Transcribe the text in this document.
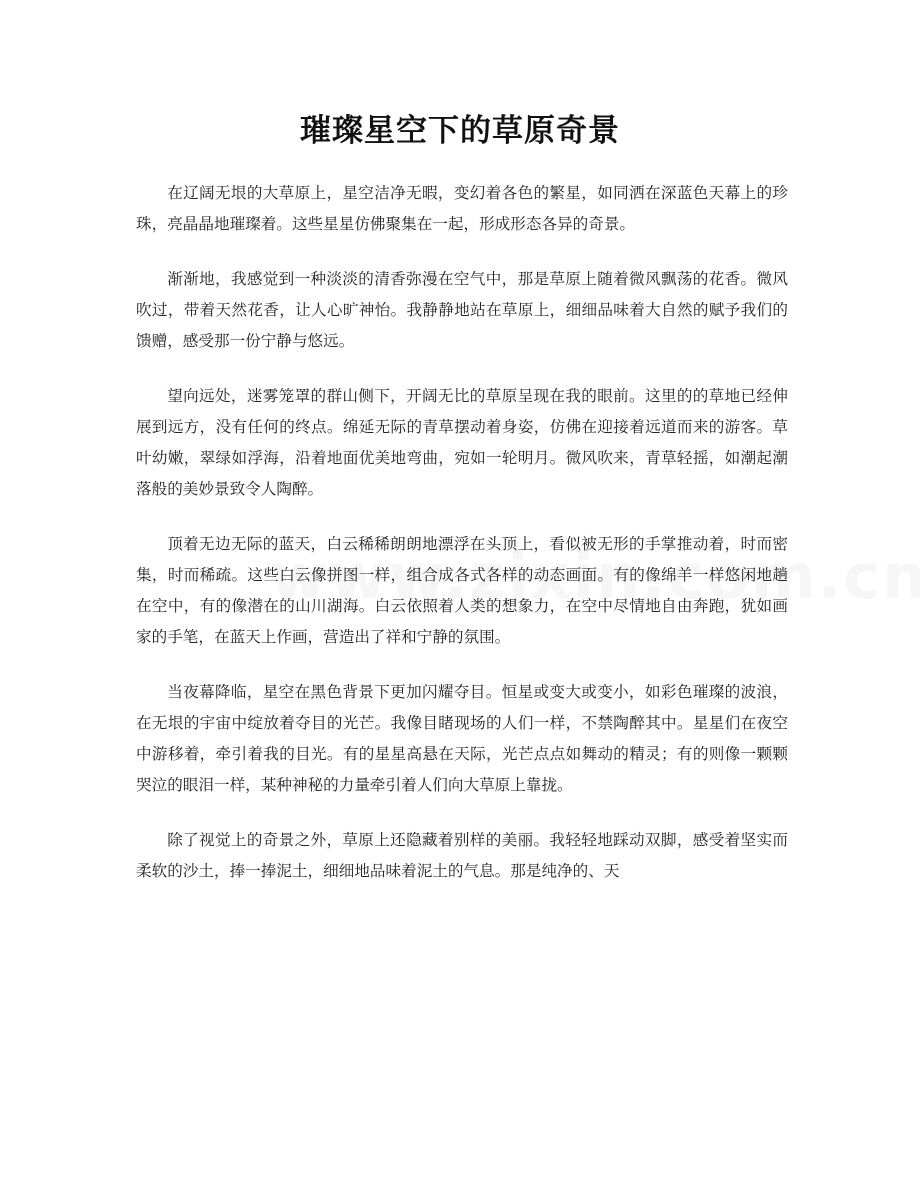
璀璨星空下的草原奇景

在辽阔无垠的大草原上，星空洁净无暇，变幻着各色的繁星，如同洒在深蓝色天幕上的珍珠，亮晶晶地璀璨着。这些星星仿佛聚集在一起，形成形态各异的奇景。

渐渐地，我感觉到一种淡淡的清香弥漫在空气中，那是草原上随着微风飘荡的花香。微风吹过，带着天然花香，让人心旷神怡。我静静地站在草原上，细细品味着大自然的赋予我们的馈赠，感受那一份宁静与悠远。

望向远处，迷雾笼罩的群山侧下，开阔无比的草原呈现在我的眼前。这里的的草地已经伸展到远方，没有任何的终点。绵延无际的青草摆动着身姿，仿佛在迎接着远道而来的游客。草叶幼嫩，翠绿如浮海，沿着地面优美地弯曲，宛如一轮明月。微风吹来，青草轻摇，如潮起潮落般的美妙景致令人陶醉。

顶着无边无际的蓝天，白云稀稀朗朗地漂浮在头顶上，看似被无形的手掌推动着，时而密集，时而稀疏。这些白云像拼图一样，组合成各式各样的动态画面。有的像绵羊一样悠闲地趟在空中，有的像潜在的山川湖海。白云依照着人类的想象力，在空中尽情地自由奔跑，犹如画家的手笔，在蓝天上作画，营造出了祥和宁静的氛围。

当夜幕降临，星空在黑色背景下更加闪耀夺目。恒星或变大或变小，如彩色璀璨的波浪，在无垠的宇宙中绽放着夺目的光芒。我像目睹现场的人们一样，不禁陶醉其中。星星们在夜空中游移着，牵引着我的目光。有的星星高悬在天际，光芒点点如舞动的精灵；有的则像一颗颗哭泣的眼泪一样，某种神秘的力量牵引着人们向大草原上靠拢。

除了视觉上的奇景之外，草原上还隐藏着别样的美丽。我轻轻地踩动双脚，感受着坚实而柔软的沙土，捧一捧泥土，细细地品味着泥土的气息。那是纯净的、天
